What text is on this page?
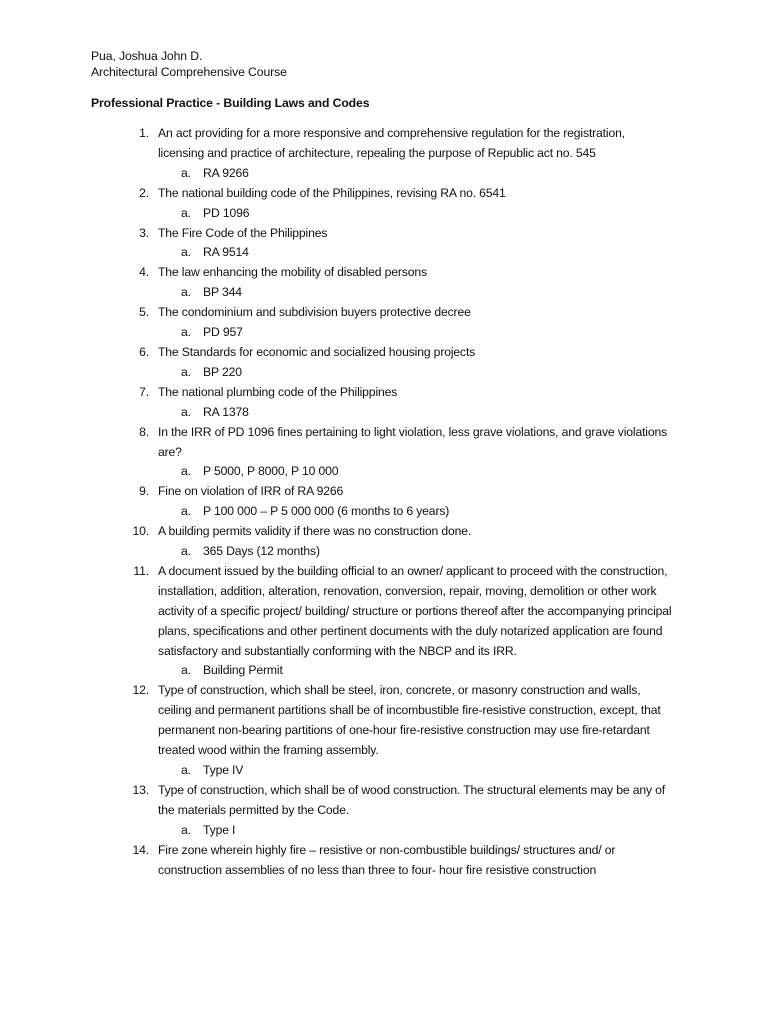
Pua, Joshua John D.
Architectural Comprehensive Course
Professional Practice - Building Laws and Codes
1. An act providing for a more responsive and comprehensive regulation for the registration, licensing and practice of architecture, repealing the purpose of Republic act no. 545
a. RA 9266
2. The national building code of the Philippines, revising RA no. 6541
a. PD 1096
3. The Fire Code of the Philippines
a. RA 9514
4. The law enhancing the mobility of disabled persons
a. BP 344
5. The condominium and subdivision buyers protective decree
a. PD 957
6. The Standards for economic and socialized housing projects
a. BP 220
7. The national plumbing code of the Philippines
a. RA 1378
8. In the IRR of PD 1096 fines pertaining to light violation, less grave violations, and grave violations are?
a. P 5000, P 8000, P 10 000
9. Fine on violation of IRR of RA 9266
a. P 100 000 – P 5 000 000 (6 months to 6 years)
10. A building permits validity if there was no construction done.
a. 365 Days (12 months)
11. A document issued by the building official to an owner/ applicant to proceed with the construction, installation, addition, alteration, renovation, conversion, repair, moving, demolition or other work activity of a specific project/ building/ structure or portions thereof after the accompanying principal plans, specifications and other pertinent documents with the duly notarized application are found satisfactory and substantially conforming with the NBCP and its IRR.
a. Building Permit
12. Type of construction, which shall be steel, iron, concrete, or masonry construction and walls, ceiling and permanent partitions shall be of incombustible fire-resistive construction, except, that permanent non-bearing partitions of one-hour fire-resistive construction may use fire-retardant treated wood within the framing assembly.
a. Type IV
13. Type of construction, which shall be of wood construction. The structural elements may be any of the materials permitted by the Code.
a. Type I
14. Fire zone wherein highly fire – resistive or non-combustible buildings/ structures and/ or construction assemblies of no less than three to four- hour fire resistive construction
